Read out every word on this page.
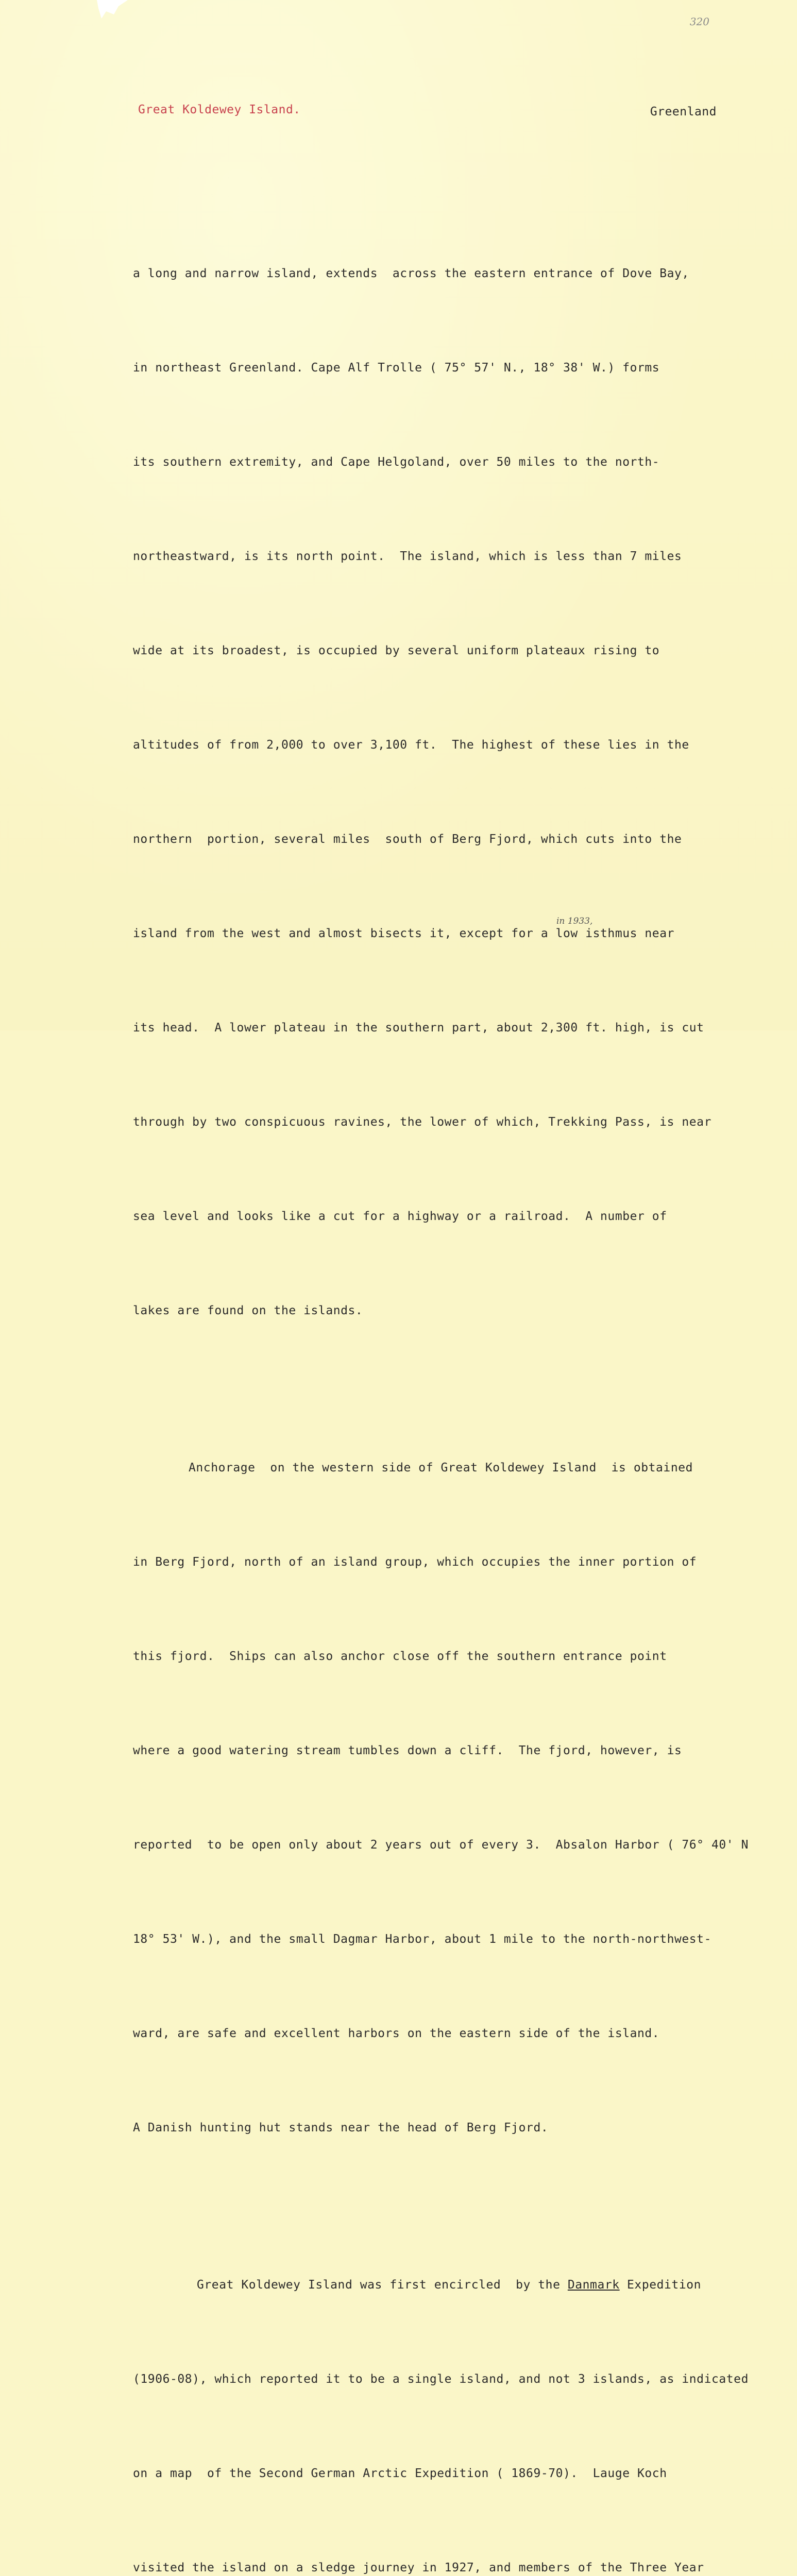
320
Great Koldewey Island.	Greenland

a long and narrow island, extends  across the eastern entrance of Dove Bay,

in northeast Greenland. Cape Alf Trolle ( 75° 57' N., 18° 38' W.) forms

its southern extremity, and Cape Helgoland, over 50 miles to the north-

northeastward, is its north point.  The island, which is less than 7 miles

wide at its broadest, is occupied by several uniform plateaux rising to

altitudes of from 2,000 to over 3,100 ft.  The highest of these lies in the

northern  portion, several miles  south of Berg Fjord, which cuts into the

island from the west and almost bisects it, except for a low isthmus near

its head.  A lower plateau in the southern part, about 2,300 ft. high, is cut

through by two conspicuous ravines, the lower of which, Trekking Pass, is near

sea level and looks like a cut for a highway or a railroad.  A number of

lakes are found on the islands.

Anchorage  on the western side of Great Koldewey Island  is obtained

in Berg Fjord, north of an island group, which occupies the inner portion of

this fjord.  Ships can also anchor close off the southern entrance point

where a good watering stream tumbles down a cliff.  The fjord, however, is

reported  to be open only about 2 years out of every 3.  Absalon Harbor ( 76° 40' N

18° 53' W.), and the small Dagmar Harbor, about 1 mile to the north-northwest-

ward, are safe and excellent harbors on the eastern side of the island.

A Danish hunting hut stands near the head of Berg Fjord.

Great Koldewey Island was first encircled  by the Danmark Expedition

(1906-08), which reported it to be a single island, and not 3 islands, as indicated

on a map  of the Second German Arctic Expedition ( 1869-70).  Lauge Koch

visited the island on a sledge journey in 1927, and members of the Three Year

in 1933,
